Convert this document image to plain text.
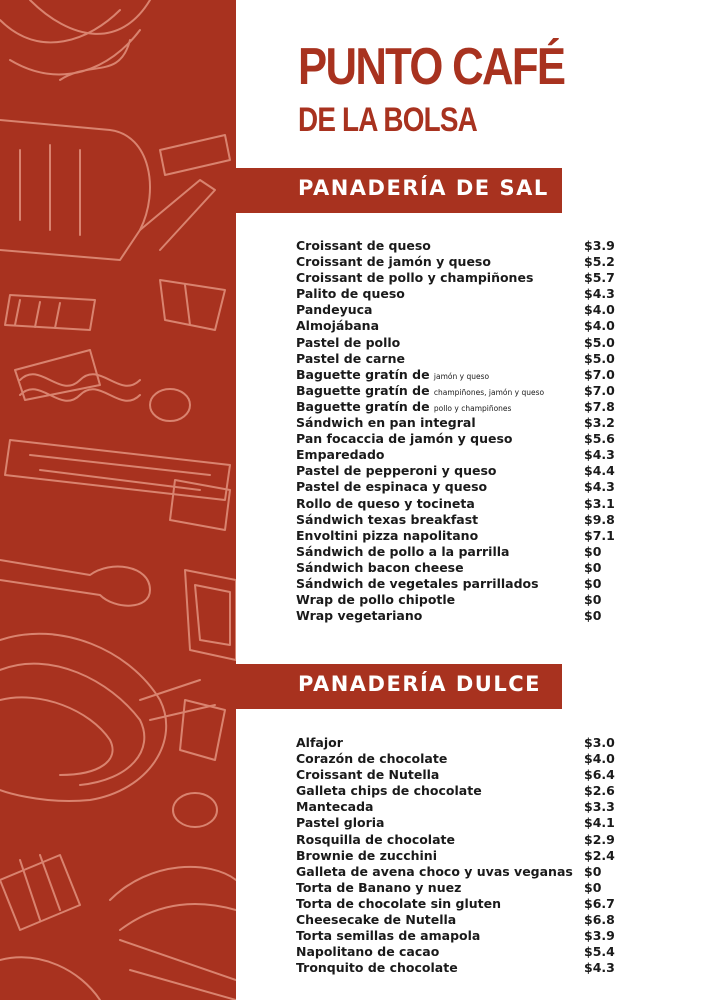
PUNTO CAFÉ
DE LA BOLSA
PANADERÍA DE SAL
Croissant de queso	$3.9
Croissant de jamón y queso	$5.2
Croissant de pollo y champiñones	$5.7
Palito de queso	$4.3
Pandeyuca	$4.0
Almojábana	$4.0
Pastel de pollo	$5.0
Pastel de carne	$5.0
Baguette gratín de jamón y queso	$7.0
Baguette gratín de champiñones, jamón y queso	$7.0
Baguette gratín de pollo y champiñones	$7.8
Sándwich en pan integral	$3.2
Pan focaccia de jamón y queso	$5.6
Emparedado	$4.3
Pastel de pepperoni y queso	$4.4
Pastel de espinaca y queso	$4.3
Rollo de queso y tocineta	$3.1
Sándwich texas breakfast	$9.8
Envoltini pizza napolitano	$7.1
Sándwich de pollo a la parrilla	$0
Sándwich bacon cheese	$0
Sándwich de vegetales parrillados	$0
Wrap de pollo chipotle	$0
Wrap vegetariano	$0
PANADERÍA DULCE
Alfajor	$3.0
Corazón de chocolate	$4.0
Croissant de Nutella	$6.4
Galleta chips de chocolate	$2.6
Mantecada	$3.3
Pastel gloria	$4.1
Rosquilla de chocolate	$2.9
Brownie de zucchini	$2.4
Galleta de avena choco y uvas veganas $0
Torta de Banano y nuez	$0
Torta de chocolate sin gluten	$6.7
Cheesecake de Nutella	$6.8
Torta semillas de amapola	$3.9
Napolitano de cacao	$5.4
Tronquito de chocolate	$4.3
